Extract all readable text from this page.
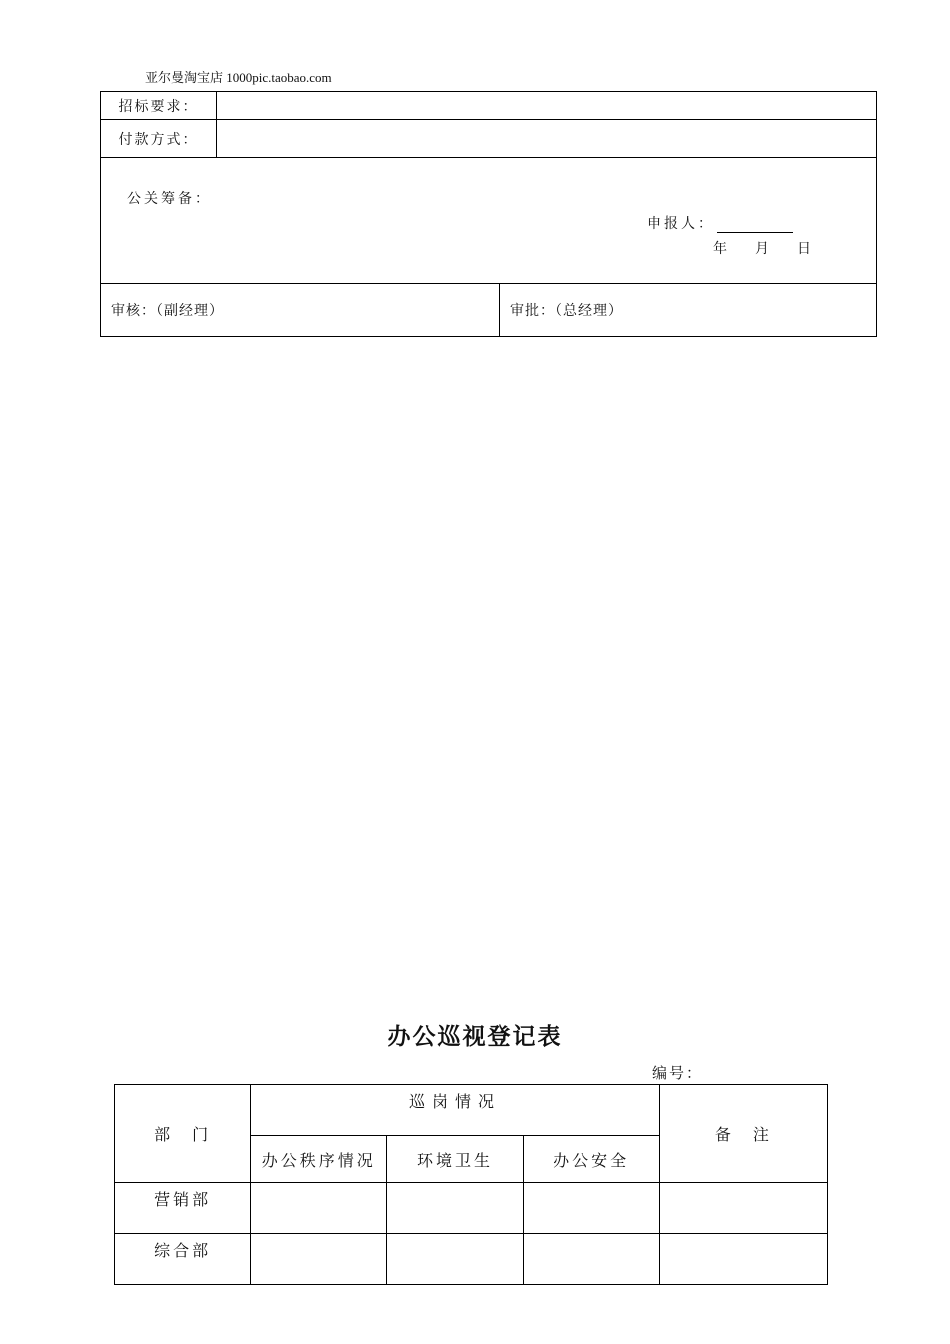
亚尔曼淘宝店 1000pic.taobao.com
招标要求：
付款方式：
公关筹备：
申报人：
年 月 日
审核：（副经理）	审批：（总经理）
办公巡视登记表
编号：
部　门	巡岗情况			备　注
	办公秩序情况	环境卫生	办公安全	
营销部				
综合部				
